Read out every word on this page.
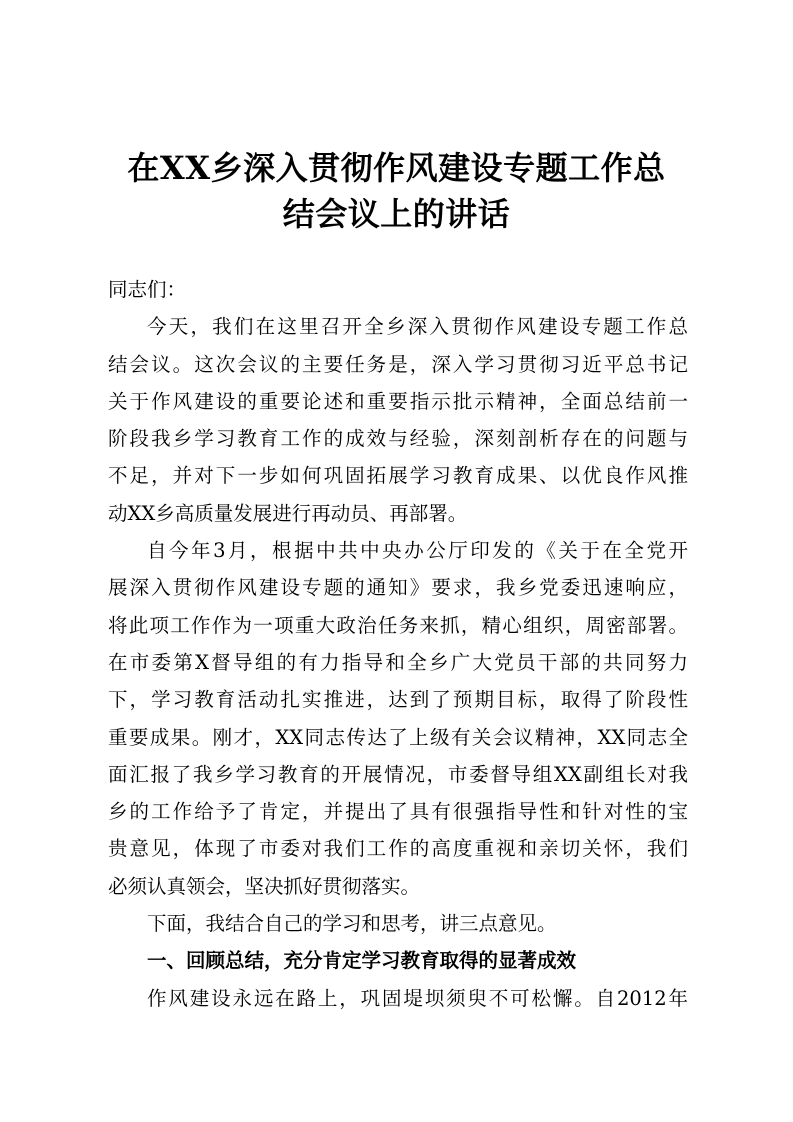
在XX乡深入贯彻作风建设专题工作总
结会议上的讲话
同志们：
今天，我们在这里召开全乡深入贯彻作风建设专题工作总
结会议。这次会议的主要任务是，深入学习贯彻习近平总书记
关于作风建设的重要论述和重要指示批示精神，全面总结前一
阶段我乡学习教育工作的成效与经验，深刻剖析存在的问题与
不足，并对下一步如何巩固拓展学习教育成果、以优良作风推
动XX乡高质量发展进行再动员、再部署。
自今年3月，根据中共中央办公厅印发的《关于在全党开
展深入贯彻作风建设专题的通知》要求，我乡党委迅速响应，
将此项工作作为一项重大政治任务来抓，精心组织，周密部署。
在市委第X督导组的有力指导和全乡广大党员干部的共同努力
下，学习教育活动扎实推进，达到了预期目标，取得了阶段性
重要成果。刚才，XX同志传达了上级有关会议精神，XX同志全
面汇报了我乡学习教育的开展情况，市委督导组XX副组长对我
乡的工作给予了肯定，并提出了具有很强指导性和针对性的宝
贵意见，体现了市委对我们工作的高度重视和亲切关怀，我们
必须认真领会，坚决抓好贯彻落实。
下面，我结合自己的学习和思考，讲三点意见。
一、回顾总结，充分肯定学习教育取得的显著成效
作风建设永远在路上，巩固堤坝须臾不可松懈。自2012年
